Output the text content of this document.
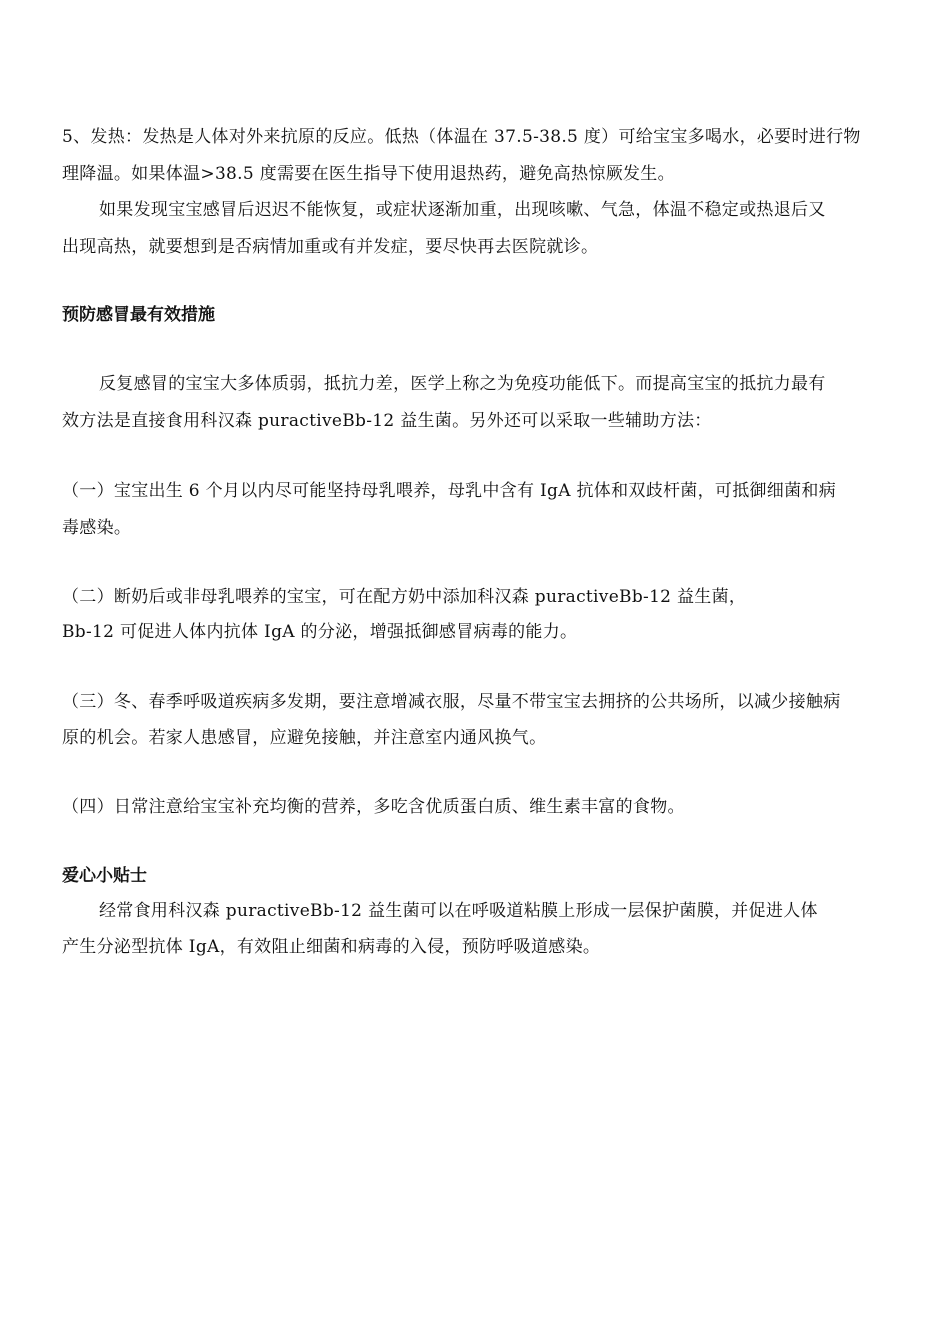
5、发热：发热是人体对外来抗原的反应。低热（体温在 37.5-38.5 度）可给宝宝多喝水，必要时进行物
理降温。如果体温>38.5 度需要在医生指导下使用退热药，避免高热惊厥发生。
如果发现宝宝感冒后迟迟不能恢复，或症状逐渐加重，出现咳嗽、气急，体温不稳定或热退后又
出现高热，就要想到是否病情加重或有并发症，要尽快再去医院就诊。
预防感冒最有效措施
反复感冒的宝宝大多体质弱，抵抗力差，医学上称之为免疫功能低下。而提高宝宝的抵抗力最有
效方法是直接食用科汉森 puractiveBb-12 益生菌。另外还可以采取一些辅助方法：
（一）宝宝出生 6 个月以内尽可能坚持母乳喂养，母乳中含有 IgA 抗体和双歧杆菌，可抵御细菌和病
毒感染。
（二）断奶后或非母乳喂养的宝宝，可在配方奶中添加科汉森 puractiveBb-12 益生菌，
Bb-12 可促进人体内抗体 IgA 的分泌，增强抵御感冒病毒的能力。
（三）冬、春季呼吸道疾病多发期，要注意增减衣服，尽量不带宝宝去拥挤的公共场所，以减少接触病
原的机会。若家人患感冒，应避免接触，并注意室内通风换气。
（四）日常注意给宝宝补充均衡的营养，多吃含优质蛋白质、维生素丰富的食物。
爱心小贴士
经常食用科汉森 puractiveBb-12 益生菌可以在呼吸道粘膜上形成一层保护菌膜，并促进人体
产生分泌型抗体 IgA，有效阻止细菌和病毒的入侵，预防呼吸道感染。
